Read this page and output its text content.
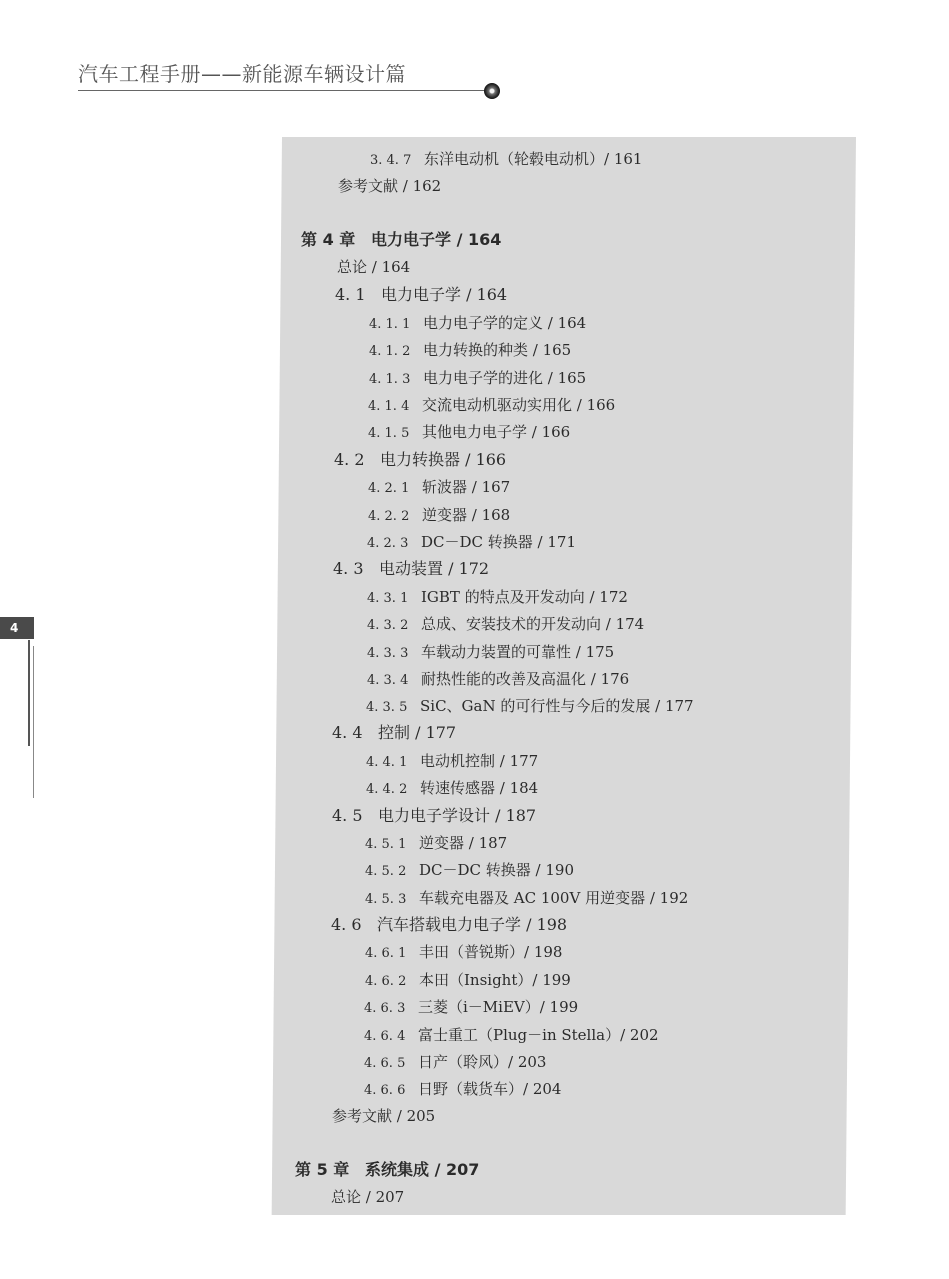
汽车工程手册——新能源车辆设计篇
4
3. 4. 7 东洋电动机（轮毂电动机）/ 161
参考文献 / 162
第 4 章 电力电子学 / 164
总论 / 164
4. 1 电力电子学 / 164
4. 1. 1 电力电子学的定义 / 164
4. 1. 2 电力转换的种类 / 165
4. 1. 3 电力电子学的进化 / 165
4. 1. 4 交流电动机驱动实用化 / 166
4. 1. 5 其他电力电子学 / 166
4. 2 电力转换器 / 166
4. 2. 1 斩波器 / 167
4. 2. 2 逆变器 / 168
4. 2. 3 DC－DC 转换器 / 171
4. 3 电动装置 / 172
4. 3. 1 IGBT 的特点及开发动向 / 172
4. 3. 2 总成、安装技术的开发动向 / 174
4. 3. 3 车载动力装置的可靠性 / 175
4. 3. 4 耐热性能的改善及高温化 / 176
4. 3. 5 SiC、GaN 的可行性与今后的发展 / 177
4. 4 控制 / 177
4. 4. 1 电动机控制 / 177
4. 4. 2 转速传感器 / 184
4. 5 电力电子学设计 / 187
4. 5. 1 逆变器 / 187
4. 5. 2 DC－DC 转换器 / 190
4. 5. 3 车载充电器及 AC 100V 用逆变器 / 192
4. 6 汽车搭载电力电子学 / 198
4. 6. 1 丰田（普锐斯）/ 198
4. 6. 2 本田（Insight）/ 199
4. 6. 3 三菱（i－MiEV）/ 199
4. 6. 4 富士重工（Plug－in Stella）/ 202
4. 6. 5 日产（聆风）/ 203
4. 6. 6 日野（载货车）/ 204
参考文献 / 205
第 5 章 系统集成 / 207
总论 / 207
